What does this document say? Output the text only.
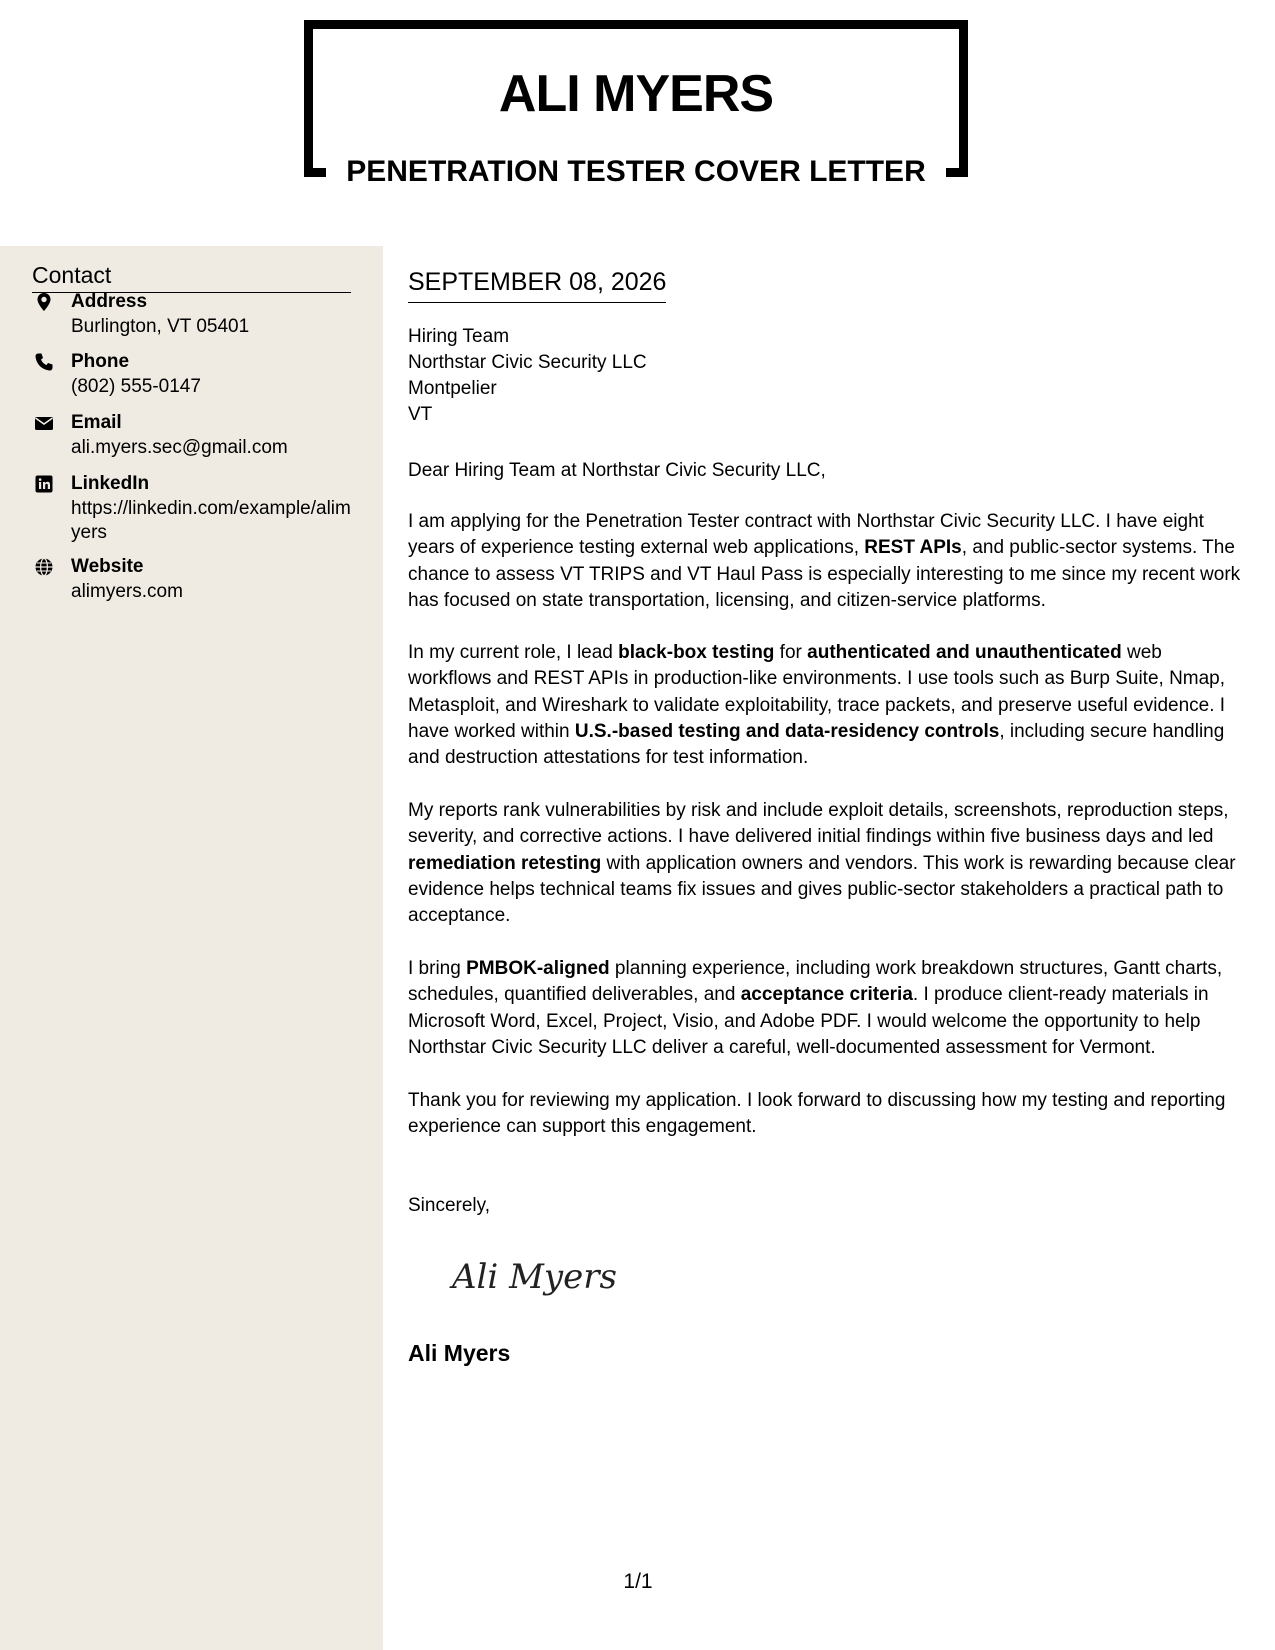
ALI MYERS
PENETRATION TESTER COVER LETTER
Contact
Address
Burlington, VT 05401
Phone
(802) 555-0147
Email
ali.myers.sec@gmail.com
LinkedIn
https://linkedin.com/example/alimyers
Website
alimyers.com
SEPTEMBER 08, 2026
Hiring Team
Northstar Civic Security LLC
Montpelier
VT
Dear Hiring Team at Northstar Civic Security LLC,
I am applying for the Penetration Tester contract with Northstar Civic Security LLC. I have eight years of experience testing external web applications, REST APIs, and public-sector systems. The chance to assess VT TRIPS and VT Haul Pass is especially interesting to me since my recent work has focused on state transportation, licensing, and citizen-service platforms.
In my current role, I lead black-box testing for authenticated and unauthenticated web workflows and REST APIs in production-like environments. I use tools such as Burp Suite, Nmap, Metasploit, and Wireshark to validate exploitability, trace packets, and preserve useful evidence. I have worked within U.S.-based testing and data-residency controls, including secure handling and destruction attestations for test information.
My reports rank vulnerabilities by risk and include exploit details, screenshots, reproduction steps, severity, and corrective actions. I have delivered initial findings within five business days and led remediation retesting with application owners and vendors. This work is rewarding because clear evidence helps technical teams fix issues and gives public-sector stakeholders a practical path to acceptance.
I bring PMBOK-aligned planning experience, including work breakdown structures, Gantt charts, schedules, quantified deliverables, and acceptance criteria. I produce client-ready materials in Microsoft Word, Excel, Project, Visio, and Adobe PDF. I would welcome the opportunity to help Northstar Civic Security LLC deliver a careful, well-documented assessment for Vermont.
Thank you for reviewing my application. I look forward to discussing how my testing and reporting experience can support this engagement.
Sincerely,
Ali Myers
Ali Myers
1/1
